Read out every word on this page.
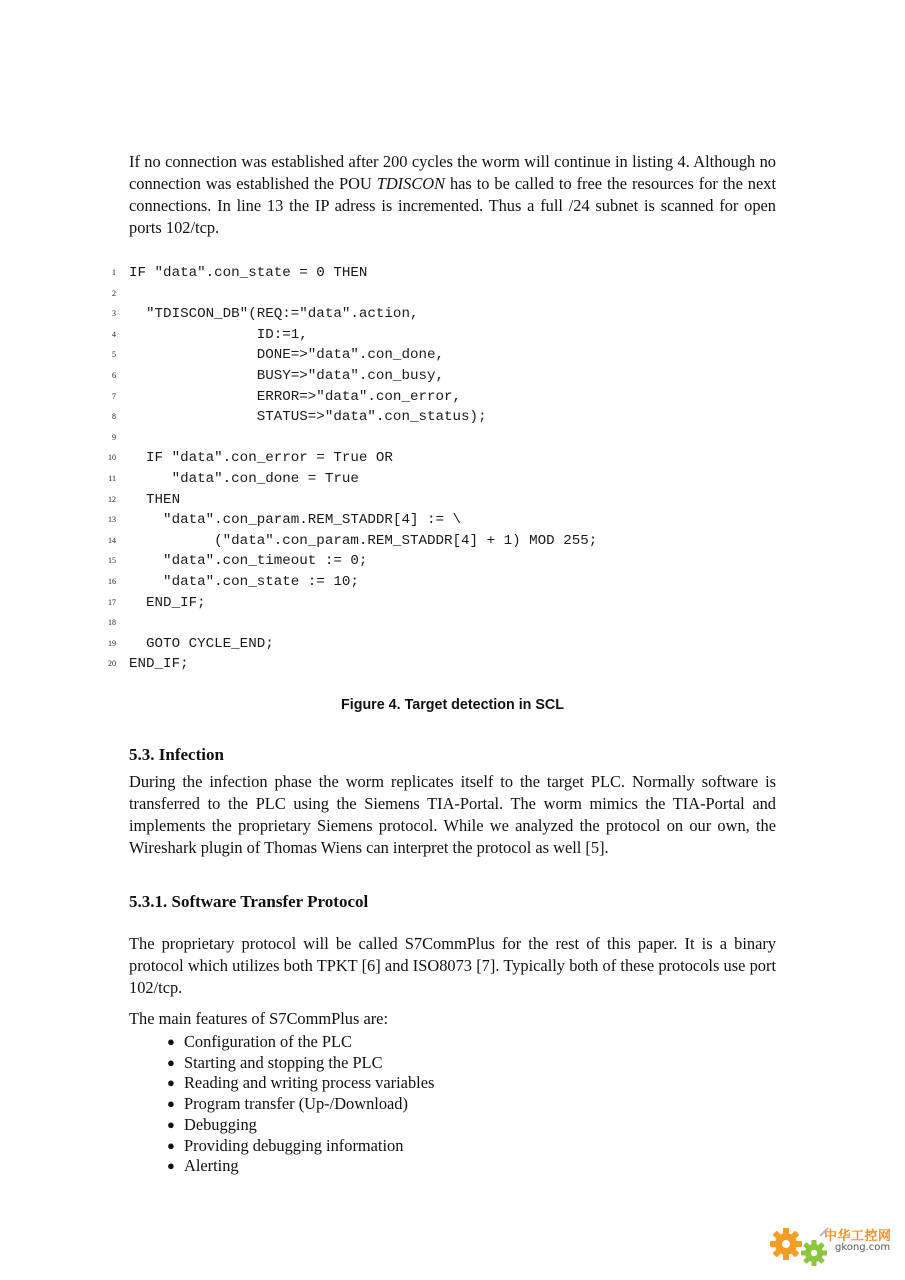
If no connection was established after 200 cycles the worm will continue in listing 4. Although no connection was established the POU TDISCON has to be called to free the resources for the next connections. In line 13 the IP adress is incremented. Thus a full /24 subnet is scanned for open ports 102/tcp.

1 IF "data".con_state = 0 THEN
2
3 "TDISCON_DB"(REQ:="data".action,
4 ID:=1,
5 DONE=>"data".con_done,
6 BUSY=>"data".con_busy,
7 ERROR=>"data".con_error,
8 STATUS=>"data".con_status);
9
10 IF "data".con_error = True OR
11 "data".con_done = True
12 THEN
13 "data".con_param.REM_STADDR[4] := \
14 ("data".con_param.REM_STADDR[4] + 1) MOD 255;
15 "data".con_timeout := 0;
16 "data".con_state := 10;
17 END_IF;
18
19 GOTO CYCLE_END;
20 END_IF;
Figure 4. Target detection in SCL
5.3. Infection

During the infection phase the worm replicates itself to the target PLC. Normally software is transferred to the PLC using the Siemens TIA-Portal. The worm mimics the TIA-Portal and implements the proprietary Siemens protocol. While we analyzed the protocol on our own, the Wireshark plugin of Thomas Wiens can interpret the protocol as well [5].

5.3.1. Software Transfer Protocol

The proprietary protocol will be called S7CommPlus for the rest of this paper. It is a binary protocol which utilizes both TPKT [6] and ISO8073 [7]. Typically both of these protocols use port 102/tcp.

The main features of S7CommPlus are:

● Configuration of the PLC
● Starting and stopping the PLC
● Reading and writing process variables
● Program transfer (Up-/Download)
● Debugging
● Providing debugging information
● Alerting
中华工控网
gkong.com
